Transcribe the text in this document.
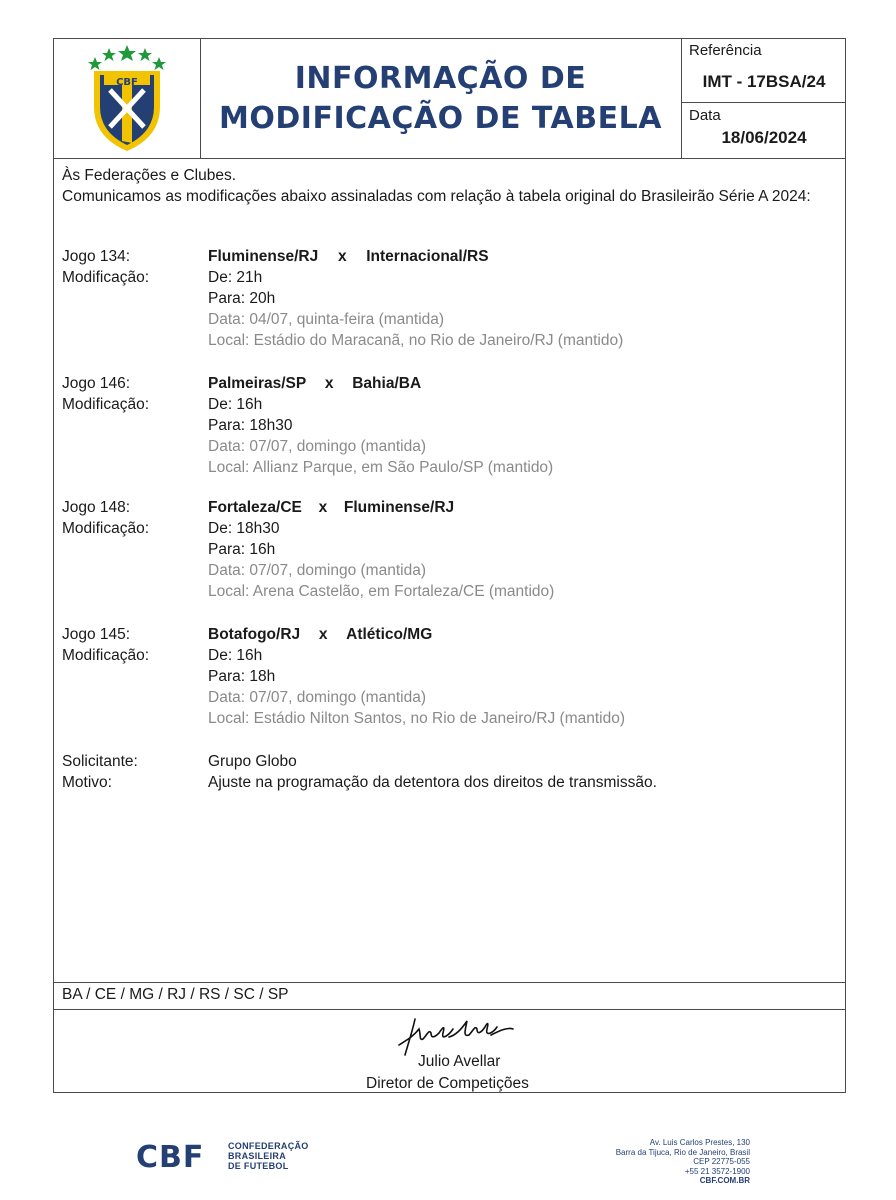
CBF	INFORMAÇÃO DE
MODIFICAÇÃO DE TABELA
Referência
IMT - 17BSA/24
Data
18/06/2024
Às Federações e Clubes.
Comunicamos as modificações abaixo assinaladas com relação à tabela original do Brasileirão Série A 2024:
Jogo 134:
Modificação:
Fluminense/RJ x Internacional/RS
De: 21h
Para: 20h
Data: 04/07, quinta-feira (mantida)
Local: Estádio do Maracanã, no Rio de Janeiro/RJ (mantido)
Jogo 146:
Modificação:
Palmeiras/SP x Bahia/BA
De: 16h
Para: 18h30
Data: 07/07, domingo (mantida)
Local: Allianz Parque, em São Paulo/SP (mantido)
Jogo 148:
Modificação:
Fortaleza/CE x Fluminense/RJ
De: 18h30
Para: 16h
Data: 07/07, domingo (mantida)
Local: Arena Castelão, em Fortaleza/CE (mantido)
Jogo 145:
Modificação:
Botafogo/RJ x Atlético/MG
De: 16h
Para: 18h
Data: 07/07, domingo (mantida)
Local: Estádio Nilton Santos, no Rio de Janeiro/RJ (mantido)
Solicitante:
Motivo:
Grupo Globo
Ajuste na programação da detentora dos direitos de transmissão.
BA / CE / MG / RJ / RS / SC / SP
Julio Avellar
Diretor de Competições
CBF	CONFEDERAÇÃO
BRASILEIRA
DE FUTEBOL
Av. Luis Carlos Prestes, 130
Barra da Tijuca, Rio de Janeiro, Brasil
CEP 22775-055
+55 21 3572-1900
CBF.COM.BR
